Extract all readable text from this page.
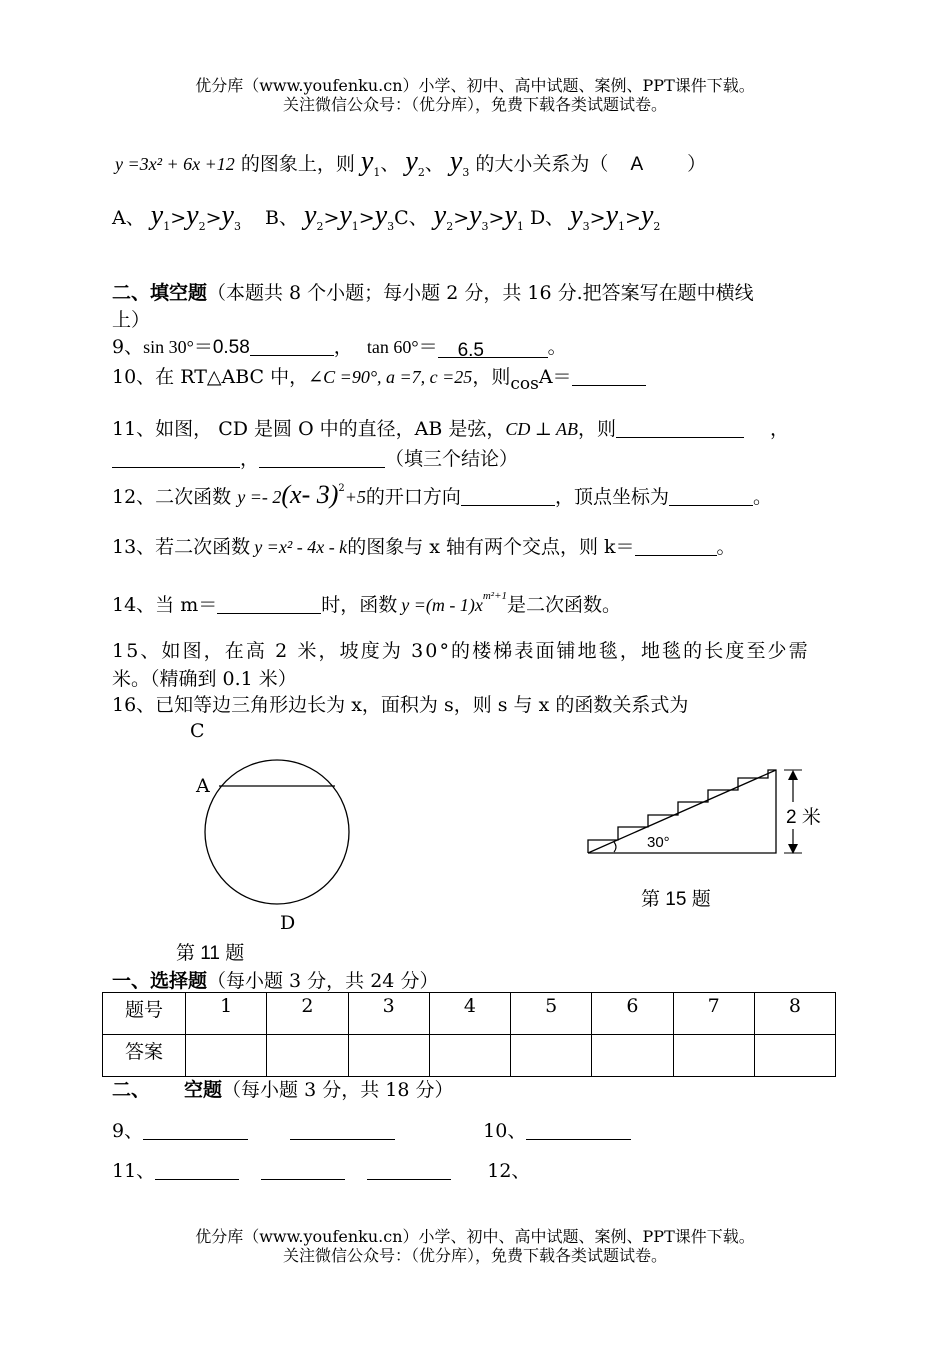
优分库（www.youfenku.cn）小学、初中、高中试题、案例、PPT课件下载。
关注微信公众号：（优分库），免费下载各类试题试卷。
y =3x² + 6x +12 的图象上，则 $y_1$、 $y_2$、 $y_3$ 的大小关系为（ A ）
A、 $y_1>y_2>y_3$ B、 $y_2>y_1>y_3C$、 $y_2>y_3>y_1$ D、 $y_3>y_1>y_2$
二、填空题（本题共 8 个小题；每小题 2 分，共 16 分.把答案写在题中横线
上）
9、sin 30°＝0.58	， tan 60°＝ 6.5	。
10、在 RT△ABC 中，∠C =90°, a =7, c =25，则cosA＝
11、如图， CD 是圆 O 中的直径，AB 是弦，CD ⊥ AB，则	，
，	（填三个结论）
12、二次函数 y =- 2(x- 3)$^2$+5的开口方向	，顶点坐标为	。
13、若二次函数 y =x² - 4x - k的图象与 x 轴有两个交点，则 k＝	。
14、当 m＝	时，函数 $y =(m - 1)x^{m^2+1}$是二次函数。
15、如图，在高 2 米，坡度为 30°的楼梯表面铺地毯，地毯的长度至少需
米。（精确到 0.1 米）
16、已知等边三角形边长为 x，面积为 s，则 s 与 x 的函数关系式为
C
A
D
第 11 题
30°
2 米
第 15 题
一、选择题（每小题 3 分，共 24 分）
题号	1	2	3	4	5	6	7	8
答案								
二、 空题（每小题 3 分，共 18 分）
9、	10、
11、	12、
优分库（www.youfenku.cn）小学、初中、高中试题、案例、PPT课件下载。
关注微信公众号：（优分库），免费下载各类试题试卷。
